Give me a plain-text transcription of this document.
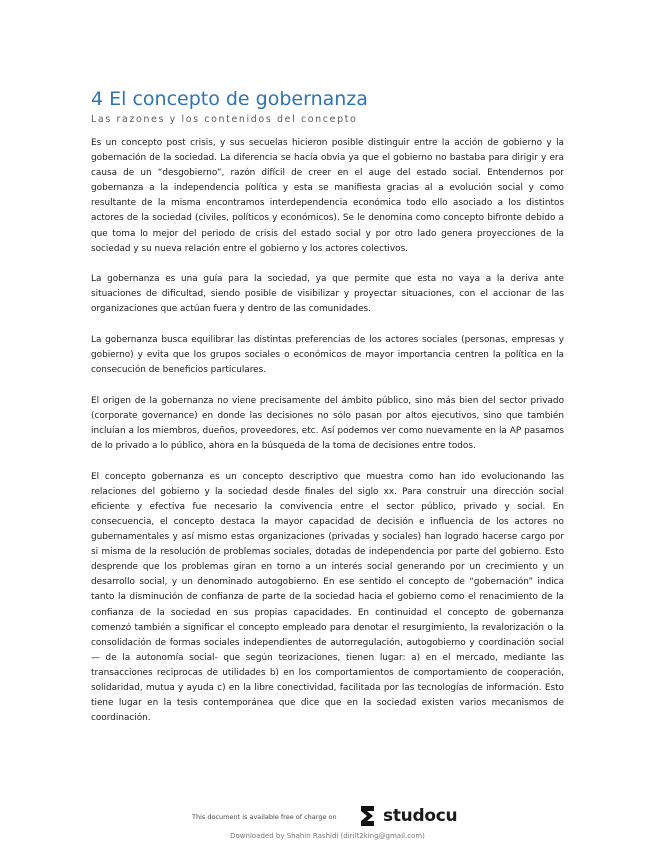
4 El concepto de gobernanza
Las razones y los contenidos del concepto

Es un concepto post crisis, y sus secuelas hicieron posible distinguir entre la acción de gobierno y la gobernación de la sociedad. La diferencia se hacía obvia ya que el gobierno no bastaba para dirigir y era causa de un “desgobierno”, razón difícil de creer en el auge del estado social. Entendernos por gobernanza a la independencia política y esta se manifiesta gracias al a evolución social y como resultante de la misma encontramos interdependencia económica todo ello asociado a los distintos actores de la sociedad (civiles, políticos y económicos). Se le denomina como concepto bifronte debido a que toma lo mejor del periodo de crisis del estado social y por otro lado genera proyecciones de la sociedad y su nueva relación entre el gobierno y los actores colectivos.

La gobernanza es una guía para la sociedad, ya que permite que esta no vaya a la deriva ante situaciones de dificultad, siendo posible de visibilizar y proyectar situaciones, con el accionar de las organizaciones que actúan fuera y dentro de las comunidades.

La gobernanza busca equilibrar las distintas preferencias de los actores sociales (personas, empresas y gobierno) y evita que los grupos sociales o económicos de mayor importancia centren la política en la consecución de beneficios particulares.

El origen de la gobernanza no viene precisamente del ámbito público, sino más bien del sector privado (corporate governance) en donde las decisiones no sólo pasan por altos ejecutivos, sino que también incluían a los miembros, dueños, proveedores, etc. Así podemos ver como nuevamente en la AP pasamos de lo privado a lo público, ahora en la búsqueda de la toma de decisiones entre todos.

El concepto gobernanza es un concepto descriptivo que muestra como han ido evolucionando las relaciones del gobierno y la sociedad desde finales del siglo xx. Para construir una dirección social eficiente y efectiva fue necesario la convivencia entre el sector público, privado y social. En consecuencia, el concepto destaca la mayor capacidad de decisión e influencia de los actores no gubernamentales y así mismo estas organizaciones (privadas y sociales) han logrado hacerse cargo por si misma de la resolución de problemas sociales, dotadas de independencia por parte del gobierno. Esto desprende que los problemas giran en torno a un interés social generando por un crecimiento y un desarrollo social, y un denominado autogobierno. En ese sentido el concepto de “gobernación” indica tanto la disminución de confianza de parte de la sociedad hacia el gobierno como el renacimiento de la confianza de la sociedad en sus propias capacidades. En continuidad el concepto de gobernanza comenzó también a significar el concepto empleado para denotar el resurgimiento, la revalorización o la consolidación de formas sociales independientes de autorregulación, autogobierno y coordinación social — de la autonomía social- que según teorizaciones, tienen lugar: a) en el mercado, mediante las transacciones reciprocas de utilidades b) en los comportamientos de comportamiento de cooperación, solidaridad, mutua y ayuda c) en la libre conectividad, facilitada por las tecnologías de información. Esto tiene lugar en la tesis contemporánea que dice que en la sociedad existen varios mecanismos de coordinación.

This document is available free of charge on	studocu
Downloaded by Shahin Rashidi (dirilt2king@gmail.com)
